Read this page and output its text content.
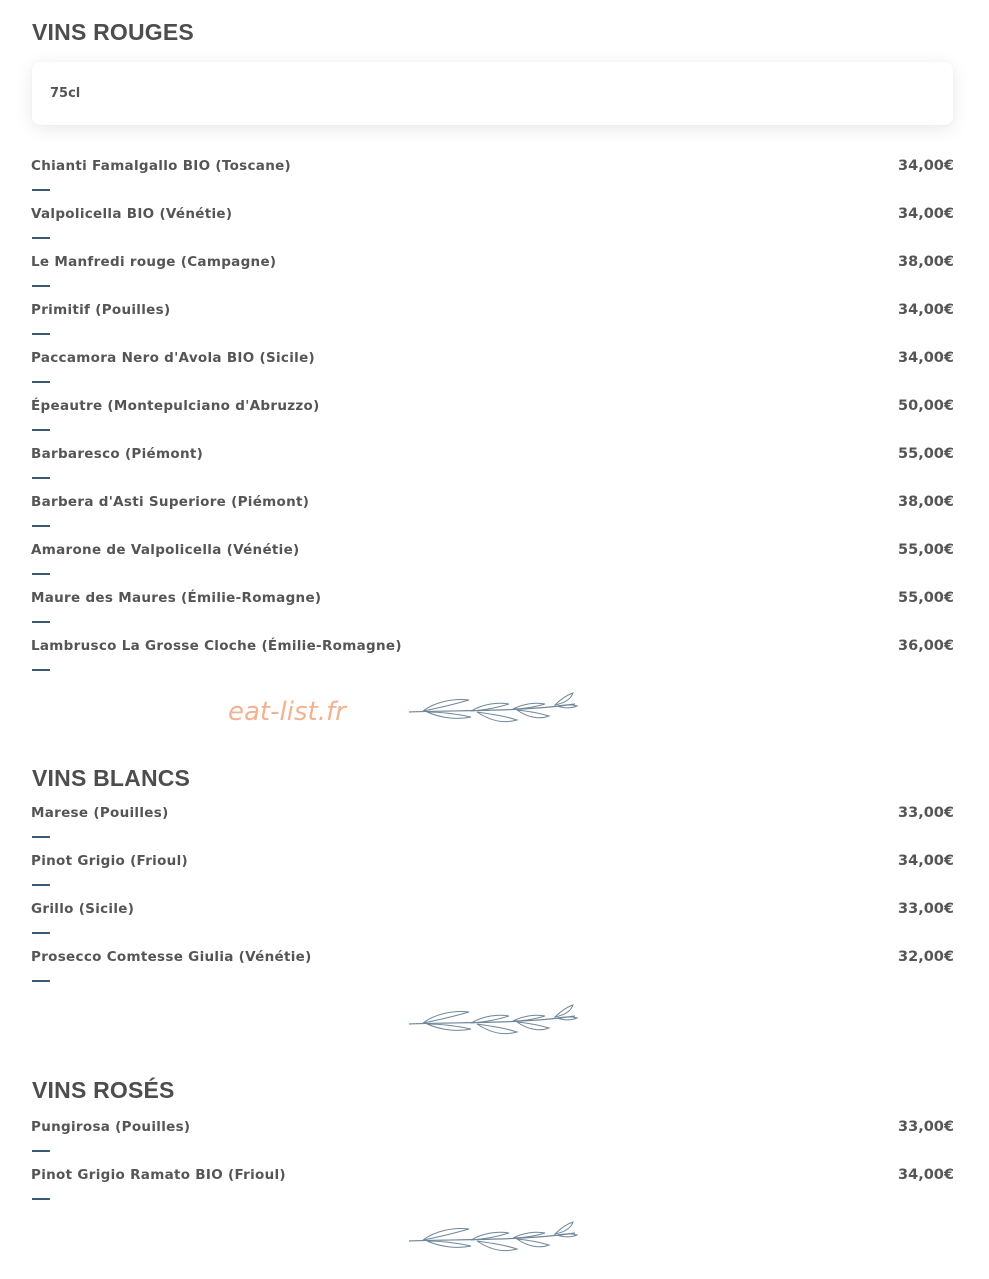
VINS ROUGES
75cl
Chianti Famalgallo BIO (Toscane)	34,00€
Valpolicella BIO (Vénétie)	34,00€
Le Manfredi rouge (Campagne)	38,00€
Primitif (Pouilles)	34,00€
Paccamora Nero d'Avola BIO (Sicile)	34,00€
Épeautre (Montepulciano d'Abruzzo)	50,00€
Barbaresco (Piémont)	55,00€
Barbera d'Asti Superiore (Piémont)	38,00€
Amarone de Valpolicella (Vénétie)	55,00€
Maure des Maures (Émilie-Romagne)	55,00€
Lambrusco La Grosse Cloche (Émilie-Romagne)	36,00€
eat-list.fr
VINS BLANCS
Marese (Pouilles)	33,00€
Pinot Grigio (Frioul)	34,00€
Grillo (Sicile)	33,00€
Prosecco Comtesse Giulia (Vénétie)	32,00€
VINS ROSÉS
Pungirosa (Pouilles)	33,00€
Pinot Grigio Ramato BIO (Frioul)	34,00€
